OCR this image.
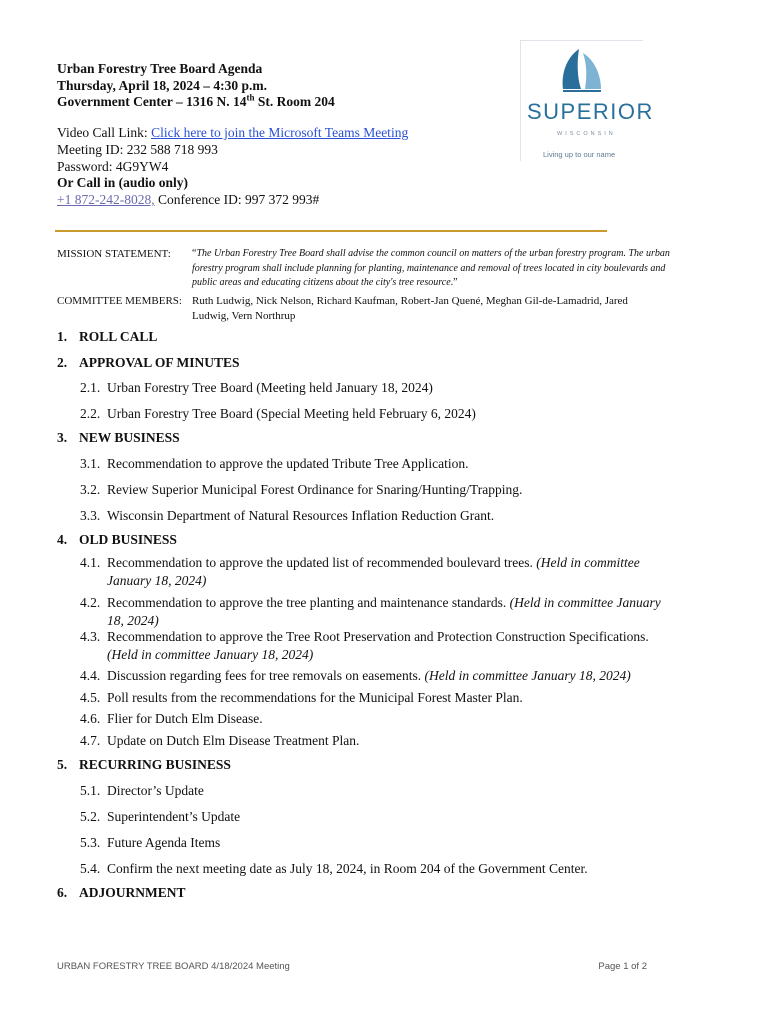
Urban Forestry Tree Board Agenda
Thursday, April 18, 2024 – 4:30 p.m.
Government Center – 1316 N. 14th St. Room 204
Video Call Link: Click here to join the Microsoft Teams Meeting
Meeting ID: 232 588 718 993
Password: 4G9YW4
Or Call in (audio only)
+1 872-242-8028, Conference ID: 997 372 993#
SUPERIOR
WISCONSIN
Living up to our name
MISSION STATEMENT: “The Urban Forestry Tree Board shall advise the common council on matters of the urban forestry program. The urban forestry program shall include planning for planting, maintenance and removal of trees located in city boulevards and public areas and educating citizens about the city's tree resource.”
COMMITTEE MEMBERS: Ruth Ludwig, Nick Nelson, Richard Kaufman, Robert-Jan Quené, Meghan Gil-de-Lamadrid, Jared Ludwig, Vern Northrup
1. ROLL CALL
2. APPROVAL OF MINUTES
2.1. Urban Forestry Tree Board (Meeting held January 18, 2024)
2.2. Urban Forestry Tree Board (Special Meeting held February 6, 2024)
3. NEW BUSINESS
3.1. Recommendation to approve the updated Tribute Tree Application.
3.2. Review Superior Municipal Forest Ordinance for Snaring/Hunting/Trapping.
3.3. Wisconsin Department of Natural Resources Inflation Reduction Grant.
4. OLD BUSINESS
4.1. Recommendation to approve the updated list of recommended boulevard trees. (Held in committee January 18, 2024)
4.2. Recommendation to approve the tree planting and maintenance standards. (Held in committee January 18, 2024)
4.3. Recommendation to approve the Tree Root Preservation and Protection Construction Specifications. (Held in committee January 18, 2024)
4.4. Discussion regarding fees for tree removals on easements. (Held in committee January 18, 2024)
4.5. Poll results from the recommendations for the Municipal Forest Master Plan.
4.6. Flier for Dutch Elm Disease.
4.7. Update on Dutch Elm Disease Treatment Plan.
5. RECURRING BUSINESS
5.1. Director’s Update
5.2. Superintendent’s Update
5.3. Future Agenda Items
5.4. Confirm the next meeting date as July 18, 2024, in Room 204 of the Government Center.
6. ADJOURNMENT
URBAN FORESTRY TREE BOARD 4/18/2024 Meeting	Page 1 of 2
